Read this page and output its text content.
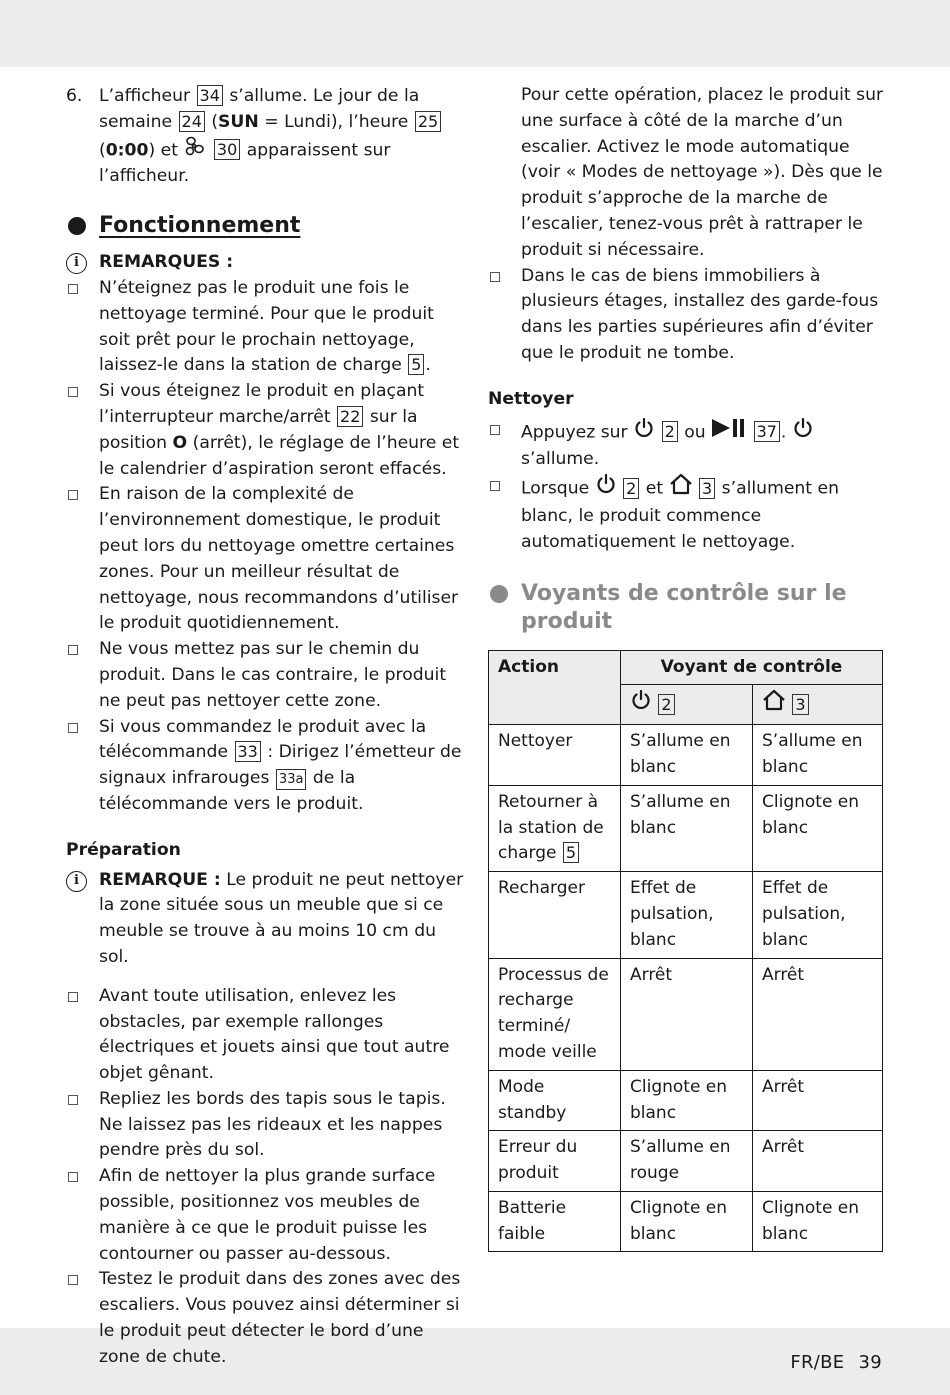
6. L’afficheur 34 s’allume. Le jour de la semaine 24 (SUN = Lundi), l’heure 25 (0:00) et  30 apparaissent sur l’afficheur.
Fonctionnement
i	REMARQUES :

N’éteignez pas le produit une fois le nettoyage terminé. Pour que le produit soit prêt pour le prochain nettoyage, laissez-le dans la station de charge 5 .

Si vous éteignez le produit en plaçant l’interrupteur marche/arrêt 22 sur la position O (arrêt), le réglage de l’heure et le calendrier d’aspiration seront effacés.

En raison de la complexité de l’environnement domestique, le produit peut lors du nettoyage omettre certaines zones. Pour un meilleur résultat de nettoyage, nous recommandons d’utiliser le produit quotidiennement.

Ne vous mettez pas sur le chemin du produit. Dans le cas contraire, le produit ne peut pas nettoyer cette zone.

Si vous commandez le produit avec la télécommande 33 : Dirigez l’émetteur de signaux infrarouges 33a de la télécommande vers le produit.

Préparation
i	REMARQUE : Le produit ne peut nettoyer la zone située sous un meuble que si ce meuble se trouve à au moins 10 cm du sol.

Avant toute utilisation, enlevez les obstacles, par exemple rallonges électriques et jouets ainsi que tout autre objet gênant.

Repliez les bords des tapis sous le tapis. Ne laissez pas les rideaux et les nappes pendre près du sol.

Afin de nettoyer la plus grande surface possible, positionnez vos meubles de manière à ce que le produit puisse les contourner ou passer au-dessous.

Testez le produit dans des zones avec des escaliers. Vous pouvez ainsi déterminer si le produit peut détecter le bord d’une zone de chute.

Pour cette opération, placez le produit sur une surface à côté de la marche d’un escalier. Activez le mode automatique (voir « Modes de nettoyage »). Dès que le produit s’approche de la marche de l’escalier, tenez-vous prêt à rattraper le produit si nécessaire.

Dans le cas de biens immobiliers à plusieurs étages, installez des garde-fous dans les parties supérieures afin d’éviter que le produit ne tombe.

Nettoyer

Appuyez sur  2 ou	37 .  s’allume.

Lorsque  2 et  3 s’allument en blanc, le produit commence automatiquement le nettoyage.

Voyants de contrôle sur le produit
Action	Voyant de contrôle	
	2	3
Nettoyer	S’allume en blanc	S’allume en blanc
Retourner à la station de charge 5	S’allume en blanc	Clignote en blanc
Recharger	Effet de pulsation, blanc	Effet de pulsation, blanc
Processus de recharge terminé/ mode veille	Arrêt	Arrêt
Mode standby	Clignote en blanc	Arrêt
Erreur du produit	S’allume en rouge	Arrêt
Batterie faible	Clignote en blanc	Clignote en blanc
FR/BE 39
